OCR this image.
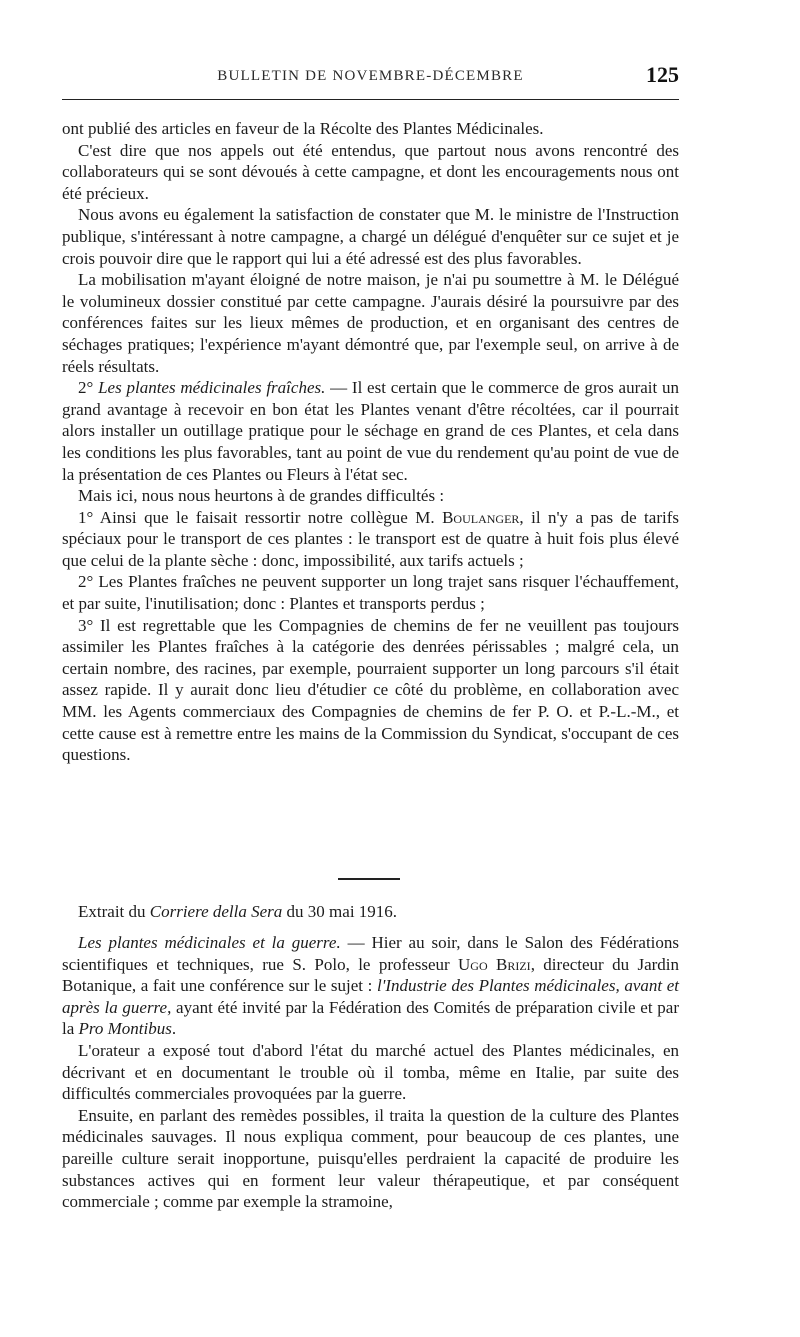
BULLETIN DE NOVEMBRE-DÉCEMBRE	125

ont publié des articles en faveur de la Récolte des Plantes Médicinales.

C'est dire que nos appels out été entendus, que partout nous avons rencontré des collaborateurs qui se sont dévoués à cette campagne, et dont les encouragements nous ont été précieux.

Nous avons eu également la satisfaction de constater que M. le ministre de l'Instruction publique, s'intéressant à notre campagne, a chargé un délégué d'enquêter sur ce sujet et je crois pouvoir dire que le rapport qui lui a été adressé est des plus favorables.

La mobilisation m'ayant éloigné de notre maison, je n'ai pu soumettre à M. le Délégué le volumineux dossier constitué par cette campagne. J'aurais désiré la poursuivre par des conférences faites sur les lieux mêmes de production, et en organisant des centres de séchages pratiques; l'expérience m'ayant démontré que, par l'exemple seul, on arrive à de réels résultats.

2° Les plantes médicinales fraîches. — Il est certain que le commerce de gros aurait un grand avantage à recevoir en bon état les Plantes venant d'être récoltées, car il pourrait alors installer un outillage pratique pour le séchage en grand de ces Plantes, et cela dans les conditions les plus favorables, tant au point de vue du rendement qu'au point de vue de la présentation de ces Plantes ou Fleurs à l'état sec.

Mais ici, nous nous heurtons à de grandes difficultés :

1° Ainsi que le faisait ressortir notre collègue M. Boulanger, il n'y a pas de tarifs spéciaux pour le transport de ces plantes : le transport est de quatre à huit fois plus élevé que celui de la plante sèche : donc, impossibilité, aux tarifs actuels ;

2° Les Plantes fraîches ne peuvent supporter un long trajet sans risquer l'échauffement, et par suite, l'inutilisation; donc : Plantes et transports perdus ;

3° Il est regrettable que les Compagnies de chemins de fer ne veuillent pas toujours assimiler les Plantes fraîches à la catégorie des denrées périssables ; malgré cela, un certain nombre, des racines, par exemple, pourraient supporter un long parcours s'il était assez rapide. Il y aurait donc lieu d'étudier ce côté du problème, en collaboration avec MM. les Agents commerciaux des Compagnies de chemins de fer P. O. et P.-L.-M., et cette cause est à remettre entre les mains de la Commission du Syndicat, s'occupant de ces questions.

Extrait du Corriere della Sera du 30 mai 1916.

Les plantes médicinales et la guerre. — Hier au soir, dans le Salon des Fédérations scientifiques et techniques, rue S. Polo, le professeur Ugo Brizi, directeur du Jardin Botanique, a fait une conférence sur le sujet : l'Industrie des Plantes médicinales, avant et après la guerre, ayant été invité par la Fédération des Comités de préparation civile et par la Pro Montibus.

L'orateur a exposé tout d'abord l'état du marché actuel des Plantes médicinales, en décrivant et en documentant le trouble où il tomba, même en Italie, par suite des difficultés commerciales provoquées par la guerre.

Ensuite, en parlant des remèdes possibles, il traita la question de la culture des Plantes médicinales sauvages. Il nous expliqua comment, pour beaucoup de ces plantes, une pareille culture serait inopportune, puisqu'elles perdraient la capacité de produire les substances actives qui en forment leur valeur thérapeutique, et par conséquent commerciale ; comme par exemple la stramoine,
